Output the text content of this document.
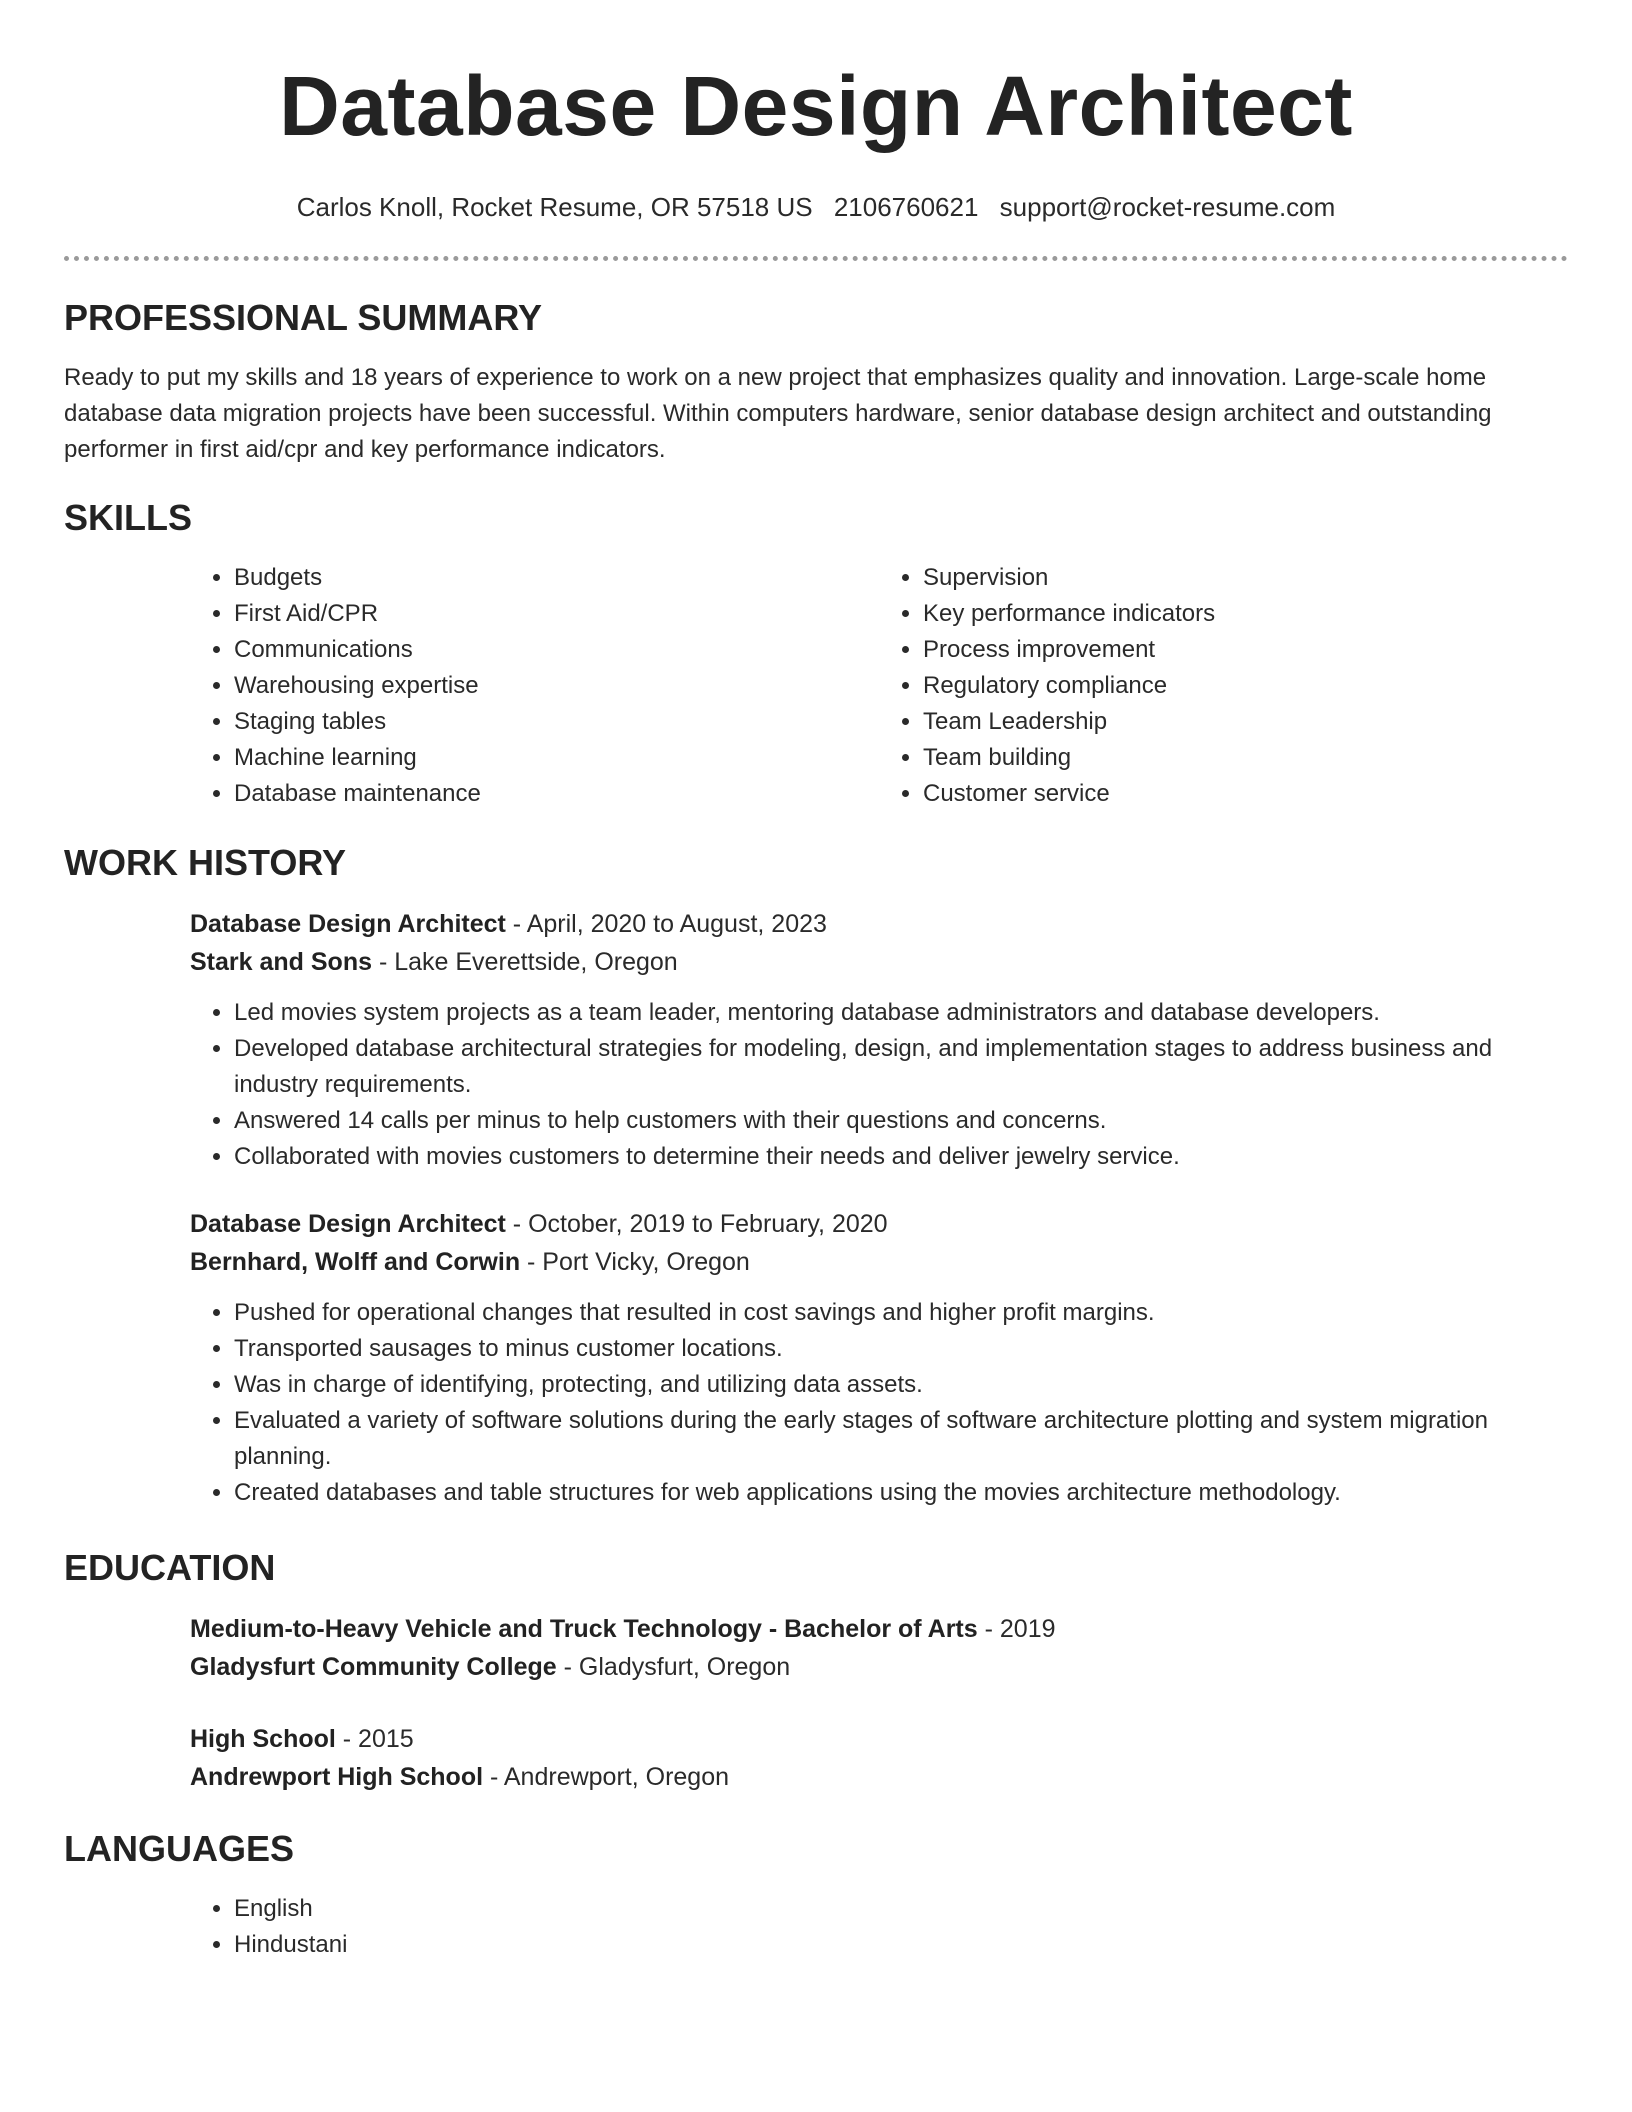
Database Design Architect
Carlos Knoll, Rocket Resume, OR 57518 US 2106760621 support@rocket-resume.com
PROFESSIONAL SUMMARY

Ready to put my skills and 18 years of experience to work on a new project that emphasizes quality and innovation. Large-scale home database data migration projects have been successful. Within computers hardware, senior database design architect and outstanding performer in first aid/cpr and key performance indicators.

SKILLS
• Budgets
• First Aid/CPR
• Communications
• Warehousing expertise
• Staging tables
• Machine learning
• Database maintenance
• Supervision
• Key performance indicators
• Process improvement
• Regulatory compliance
• Team Leadership
• Team building
• Customer service
WORK HISTORY
Database Design Architect - April, 2020 to August, 2023
Stark and Sons - Lake Everettside, Oregon
• Led movies system projects as a team leader, mentoring database administrators and database developers.
• Developed database architectural strategies for modeling, design, and implementation stages to address business and industry requirements.
• Answered 14 calls per minus to help customers with their questions and concerns.
• Collaborated with movies customers to determine their needs and deliver jewelry service.
Database Design Architect - October, 2019 to February, 2020
Bernhard, Wolff and Corwin - Port Vicky, Oregon
• Pushed for operational changes that resulted in cost savings and higher profit margins.
• Transported sausages to minus customer locations.
• Was in charge of identifying, protecting, and utilizing data assets.
• Evaluated a variety of software solutions during the early stages of software architecture plotting and system migration planning.
• Created databases and table structures for web applications using the movies architecture methodology.
EDUCATION
Medium-to-Heavy Vehicle and Truck Technology - Bachelor of Arts - 2019
Gladysfurt Community College - Gladysfurt, Oregon
High School - 2015
Andrewport High School - Andrewport, Oregon
LANGUAGES
• English
• Hindustani
